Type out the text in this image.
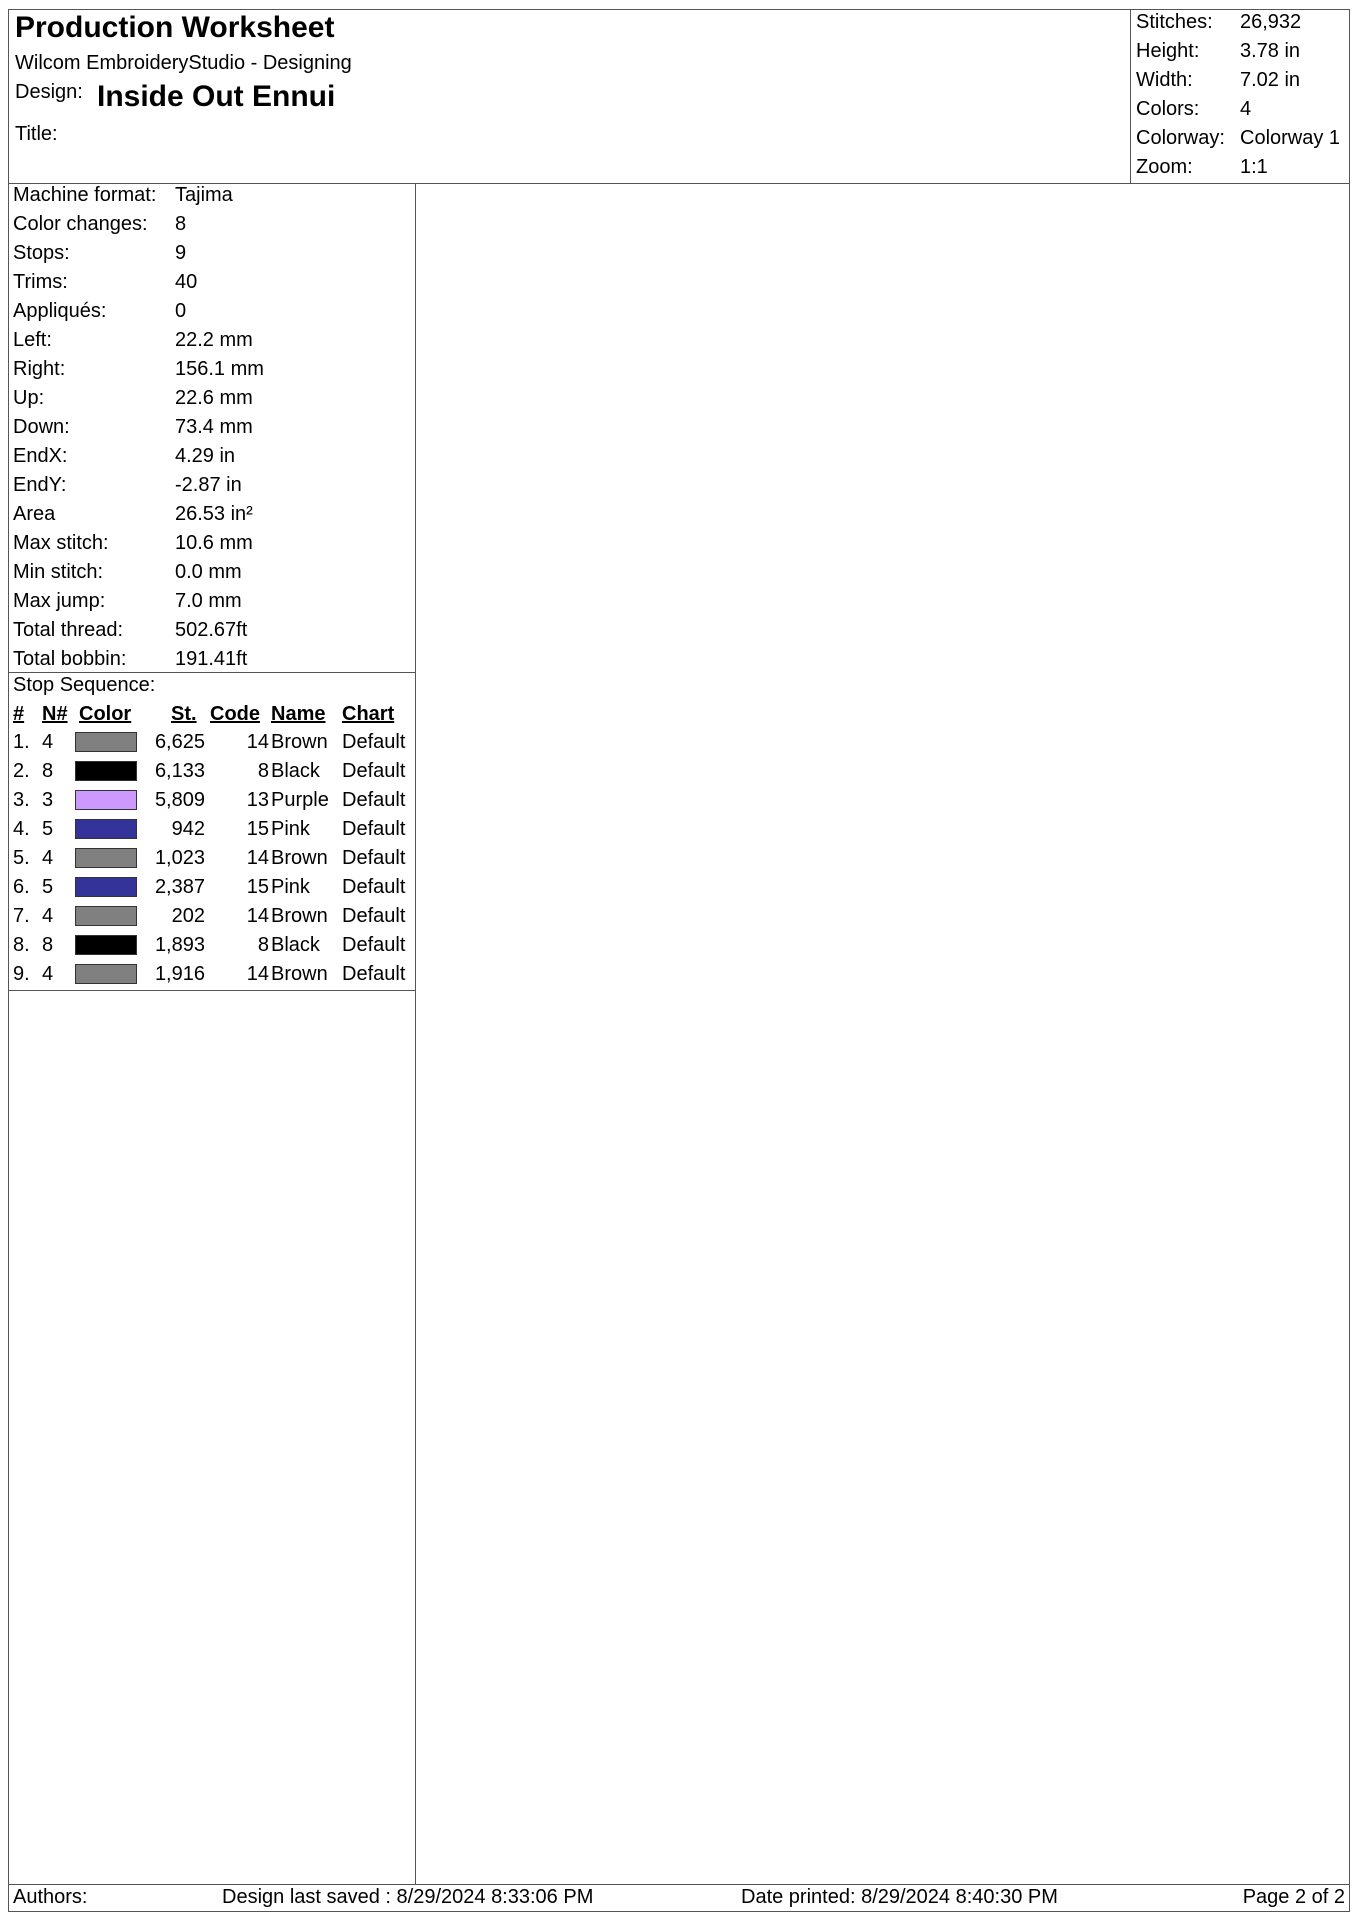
Production Worksheet
Wilcom EmbroideryStudio - Designing
Design: Inside Out Ennui
Title:
Stitches: 26,932
Height: 3.78 in
Width: 7.02 in
Colors: 4
Colorway: Colorway 1
Zoom: 1:1
Machine format: Tajima
Color changes: 8
Stops:	9
Trims:	40
Appliqués:	0
Left:	22.2 mm
Right:	156.1 mm
Up:	22.6 mm
Down:	73.4 mm
EndX:	4.29 in
EndY:	-2.87 in
Area	26.53 in²
Max stitch:	10.6 mm
Min stitch:	0.0 mm
Max jump:	7.0 mm
Total thread:	502.67ft
Total bobbin: 191.41ft
Stop Sequence:
# N# Color St. Code Name Chart
1. 4	6,625 14 Brown Default
2. 8	6,133	8 Black Default
3. 3	5,809 13 Purple Default
4. 5	942 15 Pink Default
5. 4	1,023 14 Brown Default
6. 5	2,387 15 Pink Default
7. 4	202 14 Brown Default
8. 8	1,893	8 Black Default
9. 4	1,916 14 Brown Default
Authors:	Design last saved : 8/29/2024 8:33:06 PM	Date printed: 8/29/2024 8:40:30 PM	Page 2 of 2
